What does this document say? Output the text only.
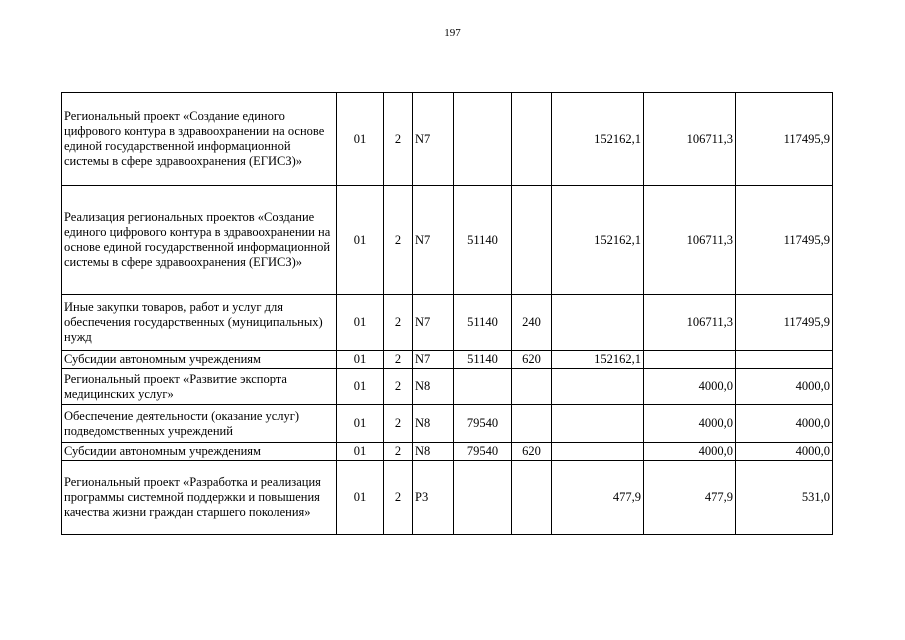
197
Региональный проект «Создание единого цифрового контура в здравоохранении на основе единой государственной информационной системы в сфере здравоохранения (ЕГИСЗ)»	01	2	N7			152162,1	106711,3	117495,9
Реализация региональных проектов «Создание единого цифрового контура в здравоохранении на основе единой государственной информационной системы в сфере здравоохранения (ЕГИСЗ)»	01	2	N7	51140		152162,1	106711,3	117495,9
Иные закупки товаров, работ и услуг для обеспечения государственных (муниципальных) нужд	01	2	N7	51140	240		106711,3	117495,9
Субсидии автономным учреждениям	01	2	N7	51140	620	152162,1		
Региональный проект «Развитие экспорта медицинских услуг»	01	2	N8				4000,0	4000,0
Обеспечение деятельности (оказание услуг) подведомственных учреждений	01	2	N8	79540			4000,0	4000,0
Субсидии автономным учреждениям	01	2	N8	79540	620		4000,0	4000,0
Региональный проект «Разработка и реализация программы системной поддержки и повышения качества жизни граждан старшего поколения»	01	2	P3			477,9	477,9	531,0
